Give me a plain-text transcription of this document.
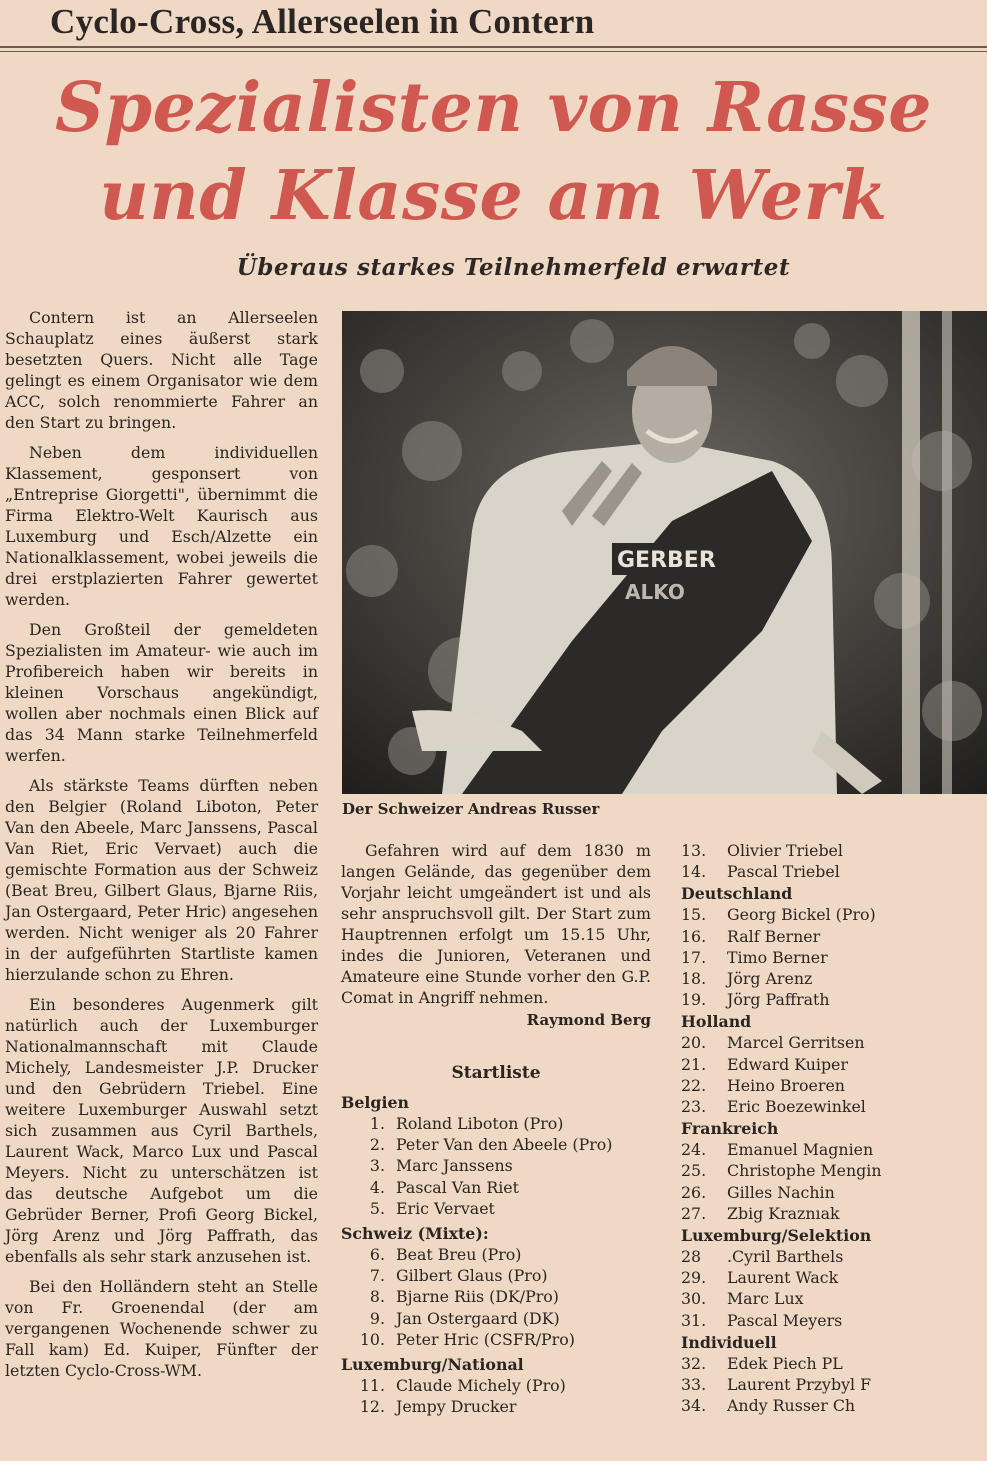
Cyclo-Cross, Allerseelen in Contern
Spezialisten von Rasse
und Klasse am Werk
Überaus starkes Teilnehmerfeld erwartet

Contern ist an Allerseelen Schauplatz eines äußerst stark besetzten Quers. Nicht alle Tage gelingt es einem Organisator wie dem ACC, solch renommierte Fahrer an den Start zu bringen.

Neben dem individuellen Klassement, gesponsert von „Entreprise Giorgetti", übernimmt die Firma Elektro-Welt Kaurisch aus Luxemburg und Esch/Alzette ein Nationalklassement, wobei jeweils die drei erstplazierten Fahrer gewertet werden.

Den Großteil der gemeldeten Spezialisten im Amateur- wie auch im Profibereich haben wir bereits in kleinen Vorschaus angekündigt, wollen aber nochmals einen Blick auf das 34 Mann starke Teilnehmerfeld werfen.

Als stärkste Teams dürften neben den Belgier (Roland Liboton, Peter Van den Abeele, Marc Janssens, Pascal Van Riet, Eric Vervaet) auch die gemischte Formation aus der Schweiz (Beat Breu, Gilbert Glaus, Bjarne Riis, Jan Ostergaard, Peter Hric) angesehen werden. Nicht weniger als 20 Fahrer in der aufgeführten Startliste kamen hierzulande schon zu Ehren.

Ein besonderes Augenmerk gilt natürlich auch der Luxemburger Nationalmannschaft mit Claude Michely, Landesmeister J.P. Drucker und den Gebrüdern Triebel. Eine weitere Luxemburger Auswahl setzt sich zusammen aus Cyril Barthels, Laurent Wack, Marco Lux und Pascal Meyers. Nicht zu unterschätzen ist das deutsche Aufgebot um die Gebrüder Berner, Profi Georg Bickel, Jörg Arenz und Jörg Paffrath, das ebenfalls als sehr stark anzusehen ist.

Bei den Holländern steht an Stelle von Fr. Groenendal (der am vergangenen Wochenende schwer zu Fall kam) Ed. Kuiper, Fünfter der letzten Cyclo-Cross-WM.

GERBER
ALKO

Der Schweizer Andreas Russer

Gefahren wird auf dem 1830 m langen Gelände, das gegenüber dem Vorjahr leicht umgeändert ist und als sehr anspruchsvoll gilt. Der Start zum Hauptrennen erfolgt um 15.15 Uhr, indes die Junioren, Veteranen und Amateure eine Stunde vorher den G.P. Comat in Angriff nehmen.

Raymond Berg
Startliste
Belgien
1. Roland Liboton (Pro)
2. Peter Van den Abeele (Pro)
3. Marc Janssens
4. Pascal Van Riet
5. Eric Vervaet
Schweiz (Mixte):
6. Beat Breu (Pro)
7. Gilbert Glaus (Pro)
8. Bjarne Riis (DK/Pro)
9. Jan Ostergaard (DK)
10. Peter Hric (CSFR/Pro)
Luxemburg/National
11. Claude Michely (Pro)
12. Jempy Drucker
13.	Olivier Triebel
14.	Pascal Triebel
Deutschland
15.	Georg Bickel (Pro)
16.	Ralf Berner
17.	Timo Berner
18.	Jörg Arenz
19.	Jörg Paffrath
Holland
20.	Marcel Gerritsen
21.	Edward Kuiper
22.	Heino Broeren
23.	Eric Boezewinkel
Frankreich
24.	Emanuel Magnien
25.	Christophe Mengin
26.	Gilles Nachin
27.	Zbig Kraznıak
Luxemburg/Selektion
28	.Cyril Barthels
29.	Laurent Wack
30.	Marc Lux
31.	Pascal Meyers
Individuell
32.	Edek Piech PL
33.	Laurent Przybyl F
34.	Andy Russer Ch
